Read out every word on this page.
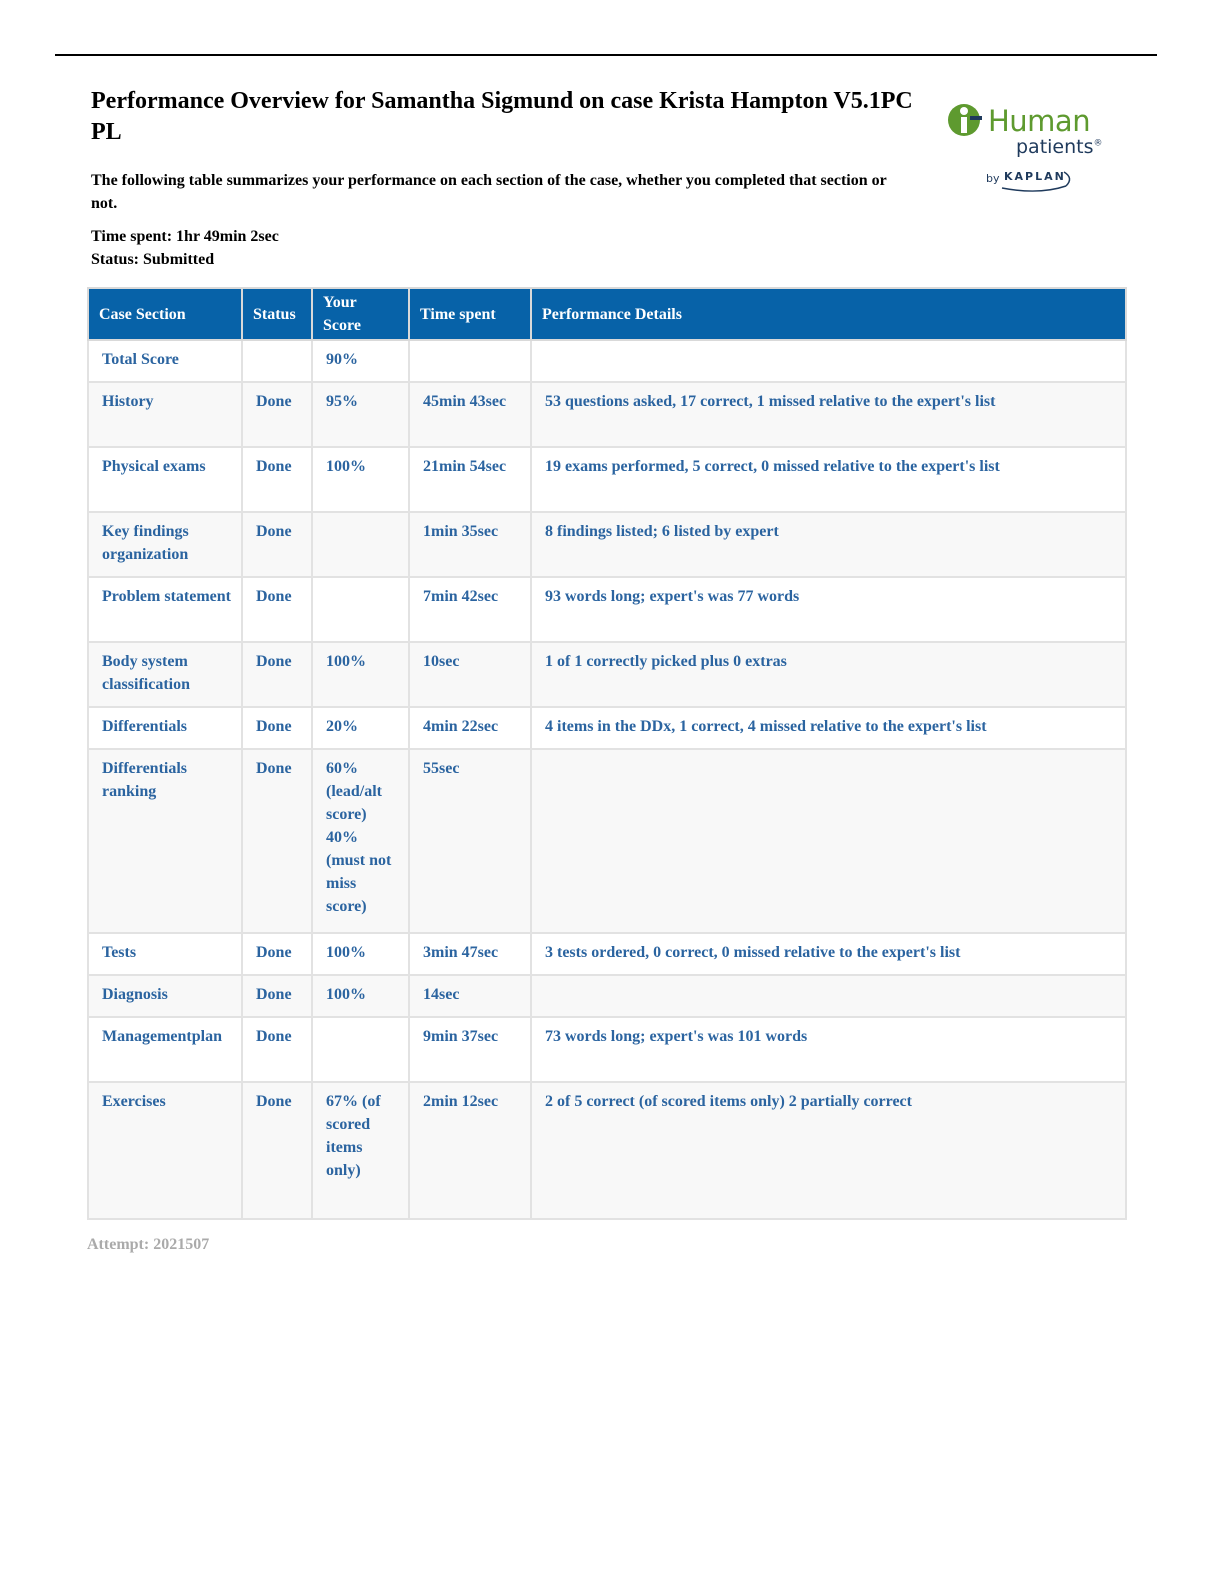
Performance Overview for Samantha Sigmund on case Krista Hampton V5.1PC PL	Human
patients®
by KAPLAN

The following table summarizes your performance on each section of the case, whether you completed that section or not.

Time spent: 1hr 49min 2sec
Status: Submitted
Case Section	Status	Your Score	Time spent	Performance Details
Total Score		90%		
History	Done	95%	45min 43sec	53 questions asked, 17 correct, 1 missed relative to the expert's list
Physical exams	Done	100%	21min 54sec	19 exams performed, 5 correct, 0 missed relative to the expert's list
Key findings organization	Done		1min 35sec	8 findings listed; 6 listed by expert
Problem statement	Done		7min 42sec	93 words long; expert's was 77 words
Body system classification	Done	100%	10sec	1 of 1 correctly picked plus 0 extras
Differentials	Done	20%	4min 22sec	4 items in the DDx, 1 correct, 4 missed relative to the expert's list
Differentials ranking	Done	60% (lead/alt score) 40% (must not miss score)	55sec	
Tests	Done	100%	3min 47sec	3 tests ordered, 0 correct, 0 missed relative to the expert's list
Diagnosis	Done	100%	14sec	
Managementplan	Done		9min 37sec	73 words long; expert's was 101 words
Exercises	Done	67% (of scored items only)	2min 12sec	2 of 5 correct (of scored items only) 2 partially correct
Attempt: 2021507
